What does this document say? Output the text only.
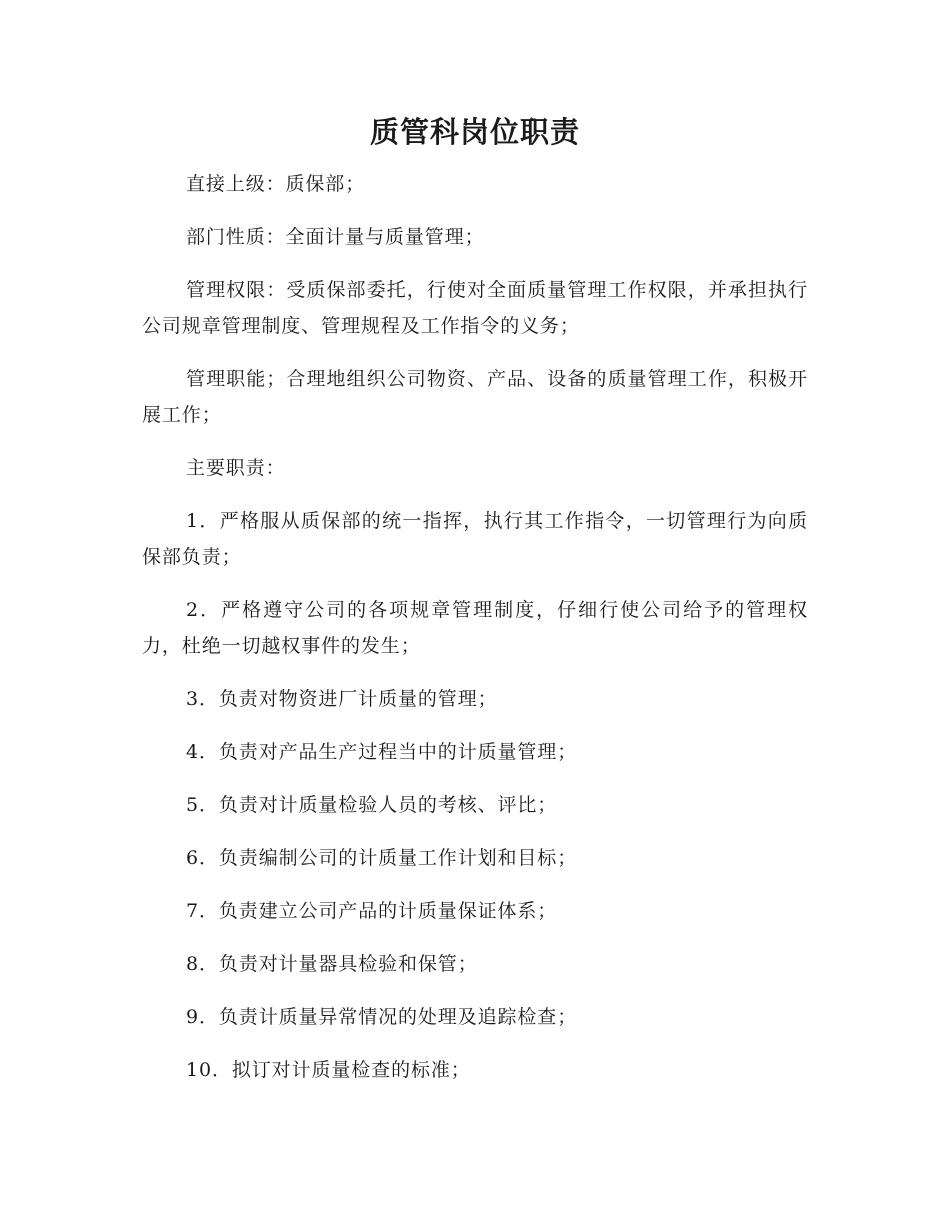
质管科岗位职责

直接上级：质保部；

部门性质：全面计量与质量管理；

管理权限：受质保部委托，行使对全面质量管理工作权限，并承担执行公司规章管理制度、管理规程及工作指令的义务；

管理职能；合理地组织公司物资、产品、设备的质量管理工作，积极开展工作；

主要职责：

1．严格服从质保部的统一指挥，执行其工作指令，一切管理行为向质保部负责；

2．严格遵守公司的各项规章管理制度，仔细行使公司给予的管理权力，杜绝一切越权事件的发生；

3．负责对物资进厂计质量的管理；

4．负责对产品生产过程当中的计质量管理；

5．负责对计质量检验人员的考核、评比；

6．负责编制公司的计质量工作计划和目标；

7．负责建立公司产品的计质量保证体系；

8．负责对计量器具检验和保管；

9．负责计质量异常情况的处理及追踪检查；

10．拟订对计质量检查的标准；
